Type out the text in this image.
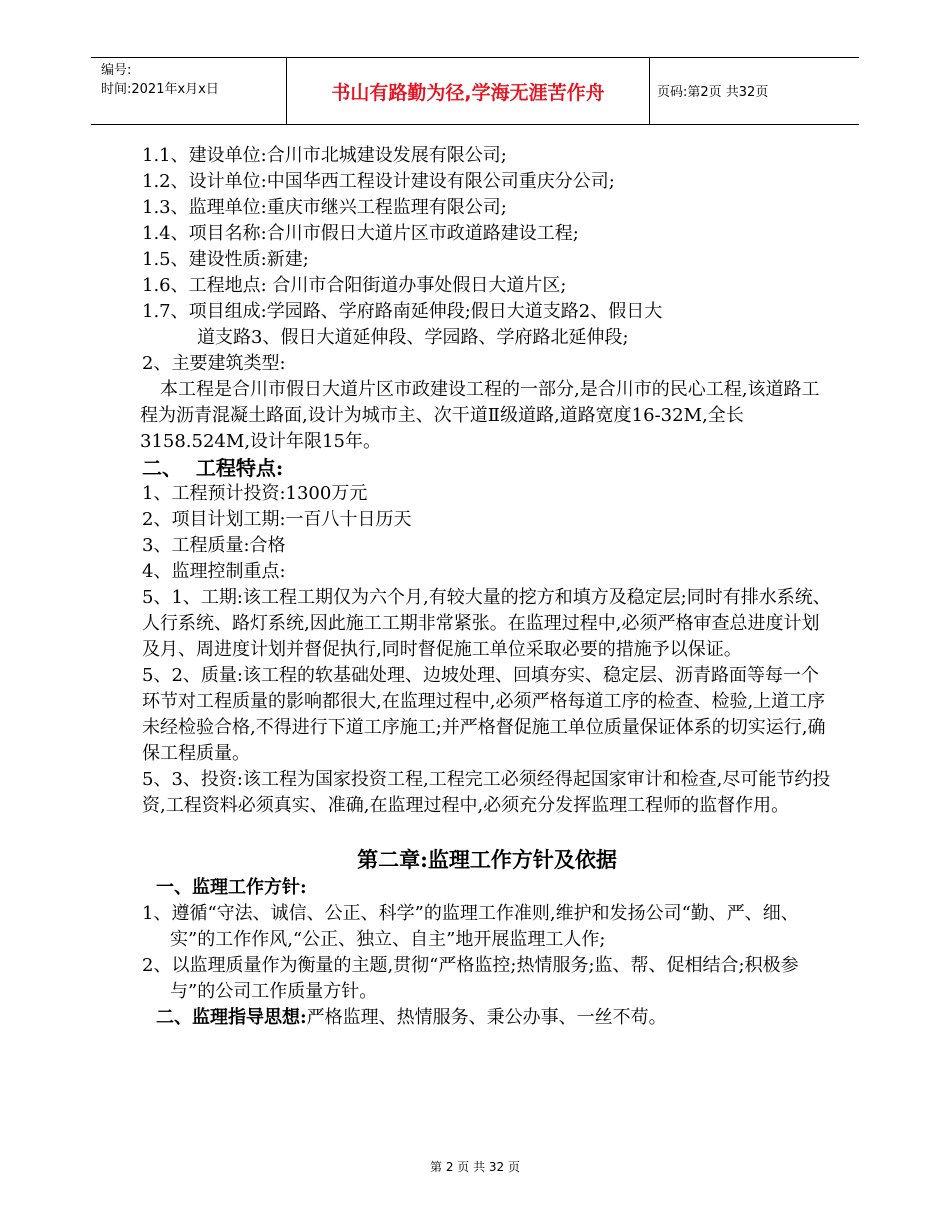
编号:
时间:2021年x月x日	书山有路勤为径,学海无涯苦作舟	页码:第2页 共32页

1.1、建设单位:合川市北城建设发展有限公司;

1.2、设计单位:中国华西工程设计建设有限公司重庆分公司;

1.3、监理单位:重庆市继兴工程监理有限公司;

1.4、项目名称:合川市假日大道片区市政道路建设工程;

1.5、建设性质:新建;

1.6、工程地点: 合川市合阳街道办事处假日大道片区;

1.7、项目组成:学园路、学府路南延伸段;假日大道支路2、假日大

道支路3、假日大道延伸段、学园路、学府路北延伸段;

2、主要建筑类型:

本工程是合川市假日大道片区市政建设工程的一部分,是合川市的民心工程,该道路工程为沥青混凝土路面,设计为城市主、次干道Ⅱ级道路,道路宽度16-32M,全长3158.524M,设计年限15年。

二、  工程特点:

1、工程预计投资:1300万元

2、项目计划工期:一百八十日历天

3、工程质量:合格

4、监理控制重点:

5、1、工期:该工程工期仅为六个月,有较大量的挖方和填方及稳定层;同时有排水系统、人行系统、路灯系统,因此施工工期非常紧张。在监理过程中,必须严格审查总进度计划及月、周进度计划并督促执行,同时督促施工单位采取必要的措施予以保证。

5、2、质量:该工程的软基础处理、边坡处理、回填夯实、稳定层、沥青路面等每一个环节对工程质量的影响都很大,在监理过程中,必须严格每道工序的检查、检验,上道工序未经检验合格,不得进行下道工序施工;并严格督促施工单位质量保证体系的切实运行,确保工程质量。

5、3、投资:该工程为国家投资工程,工程完工必须经得起国家审计和检查,尽可能节约投资,工程资料必须真实、准确,在监理过程中,必须充分发挥监理工程师的监督作用。

第二章:监理工作方针及依据

一、监理工作方针:

1、遵循“守法、诚信、公正、科学”的监理工作准则,维护和发扬公司“勤、严、细、实”的工作作风,“公正、独立、自主”地开展监理工人作;

2、以监理质量作为衡量的主题,贯彻“严格监控;热情服务;监、帮、促相结合;积极参与”的公司工作质量方针。

二、监理指导思想:严格监理、热情服务、秉公办事、一丝不苟。

第 2 页 共 32 页
